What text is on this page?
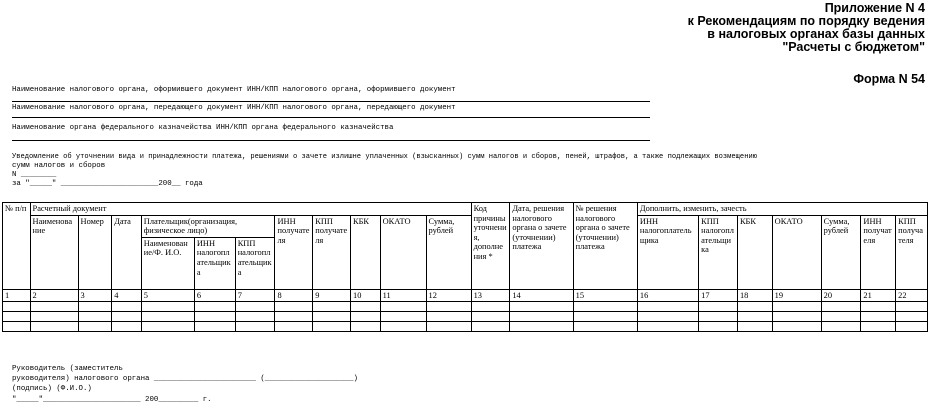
Приложение N 4
к Рекомендациям по порядку ведения
в налоговых органах базы данных
"Расчеты с бюджетом"
Форма N 54
Наименование налогового органа, оформившего документ ИНН/КПП налогового органа, оформившего документ
Наименование налогового органа, передающего документ ИНН/КПП налогового органа, передающего документ
Наименование органа федерального казначейства ИНН/КПП органа федерального казначейства
Уведомление об уточнении вида и принадлежности платежа, решениями о зачете излишне уплаченных (взысканных) сумм налогов и сборов, пеней, штрафов, а также подлежащих возмещению
сумм налогов и сборов
N ________
за "_____" ______________________200__ года
№ п/п	Расчетный документ											Код причины уточнения, дополнения *	Дата, решения налогового органа о зачете (уточнении) платежа	№ решения налогового органа о зачете (уточнении) платежа	Дополнить, изменить, зачесть						
	Наименование	Номер	Дата	Плательщик(организация, физическое лицо)			ИНН получателя	КПП получателя	КБК	ОКАТО	Сумма, рублей				ИНН налогоплательщика	КПП налогоплательщика	КБК	ОКАТО	Сумма, рублей	ИНН получателя	КПП получателя
				Наименование/Ф. И.О.	ИНН налогоплательщика	КПП налогоплательщика															
1	2	3	4	5	6	7	8	9	10	11	12	13	14	15	16	17	18	19	20	21	22

Руководитель (заместитель
руководителя) налогового органа _______________________ (____________________)
(подпись) (Ф.И.О.)
"_____"______________________ 200_________ г.
